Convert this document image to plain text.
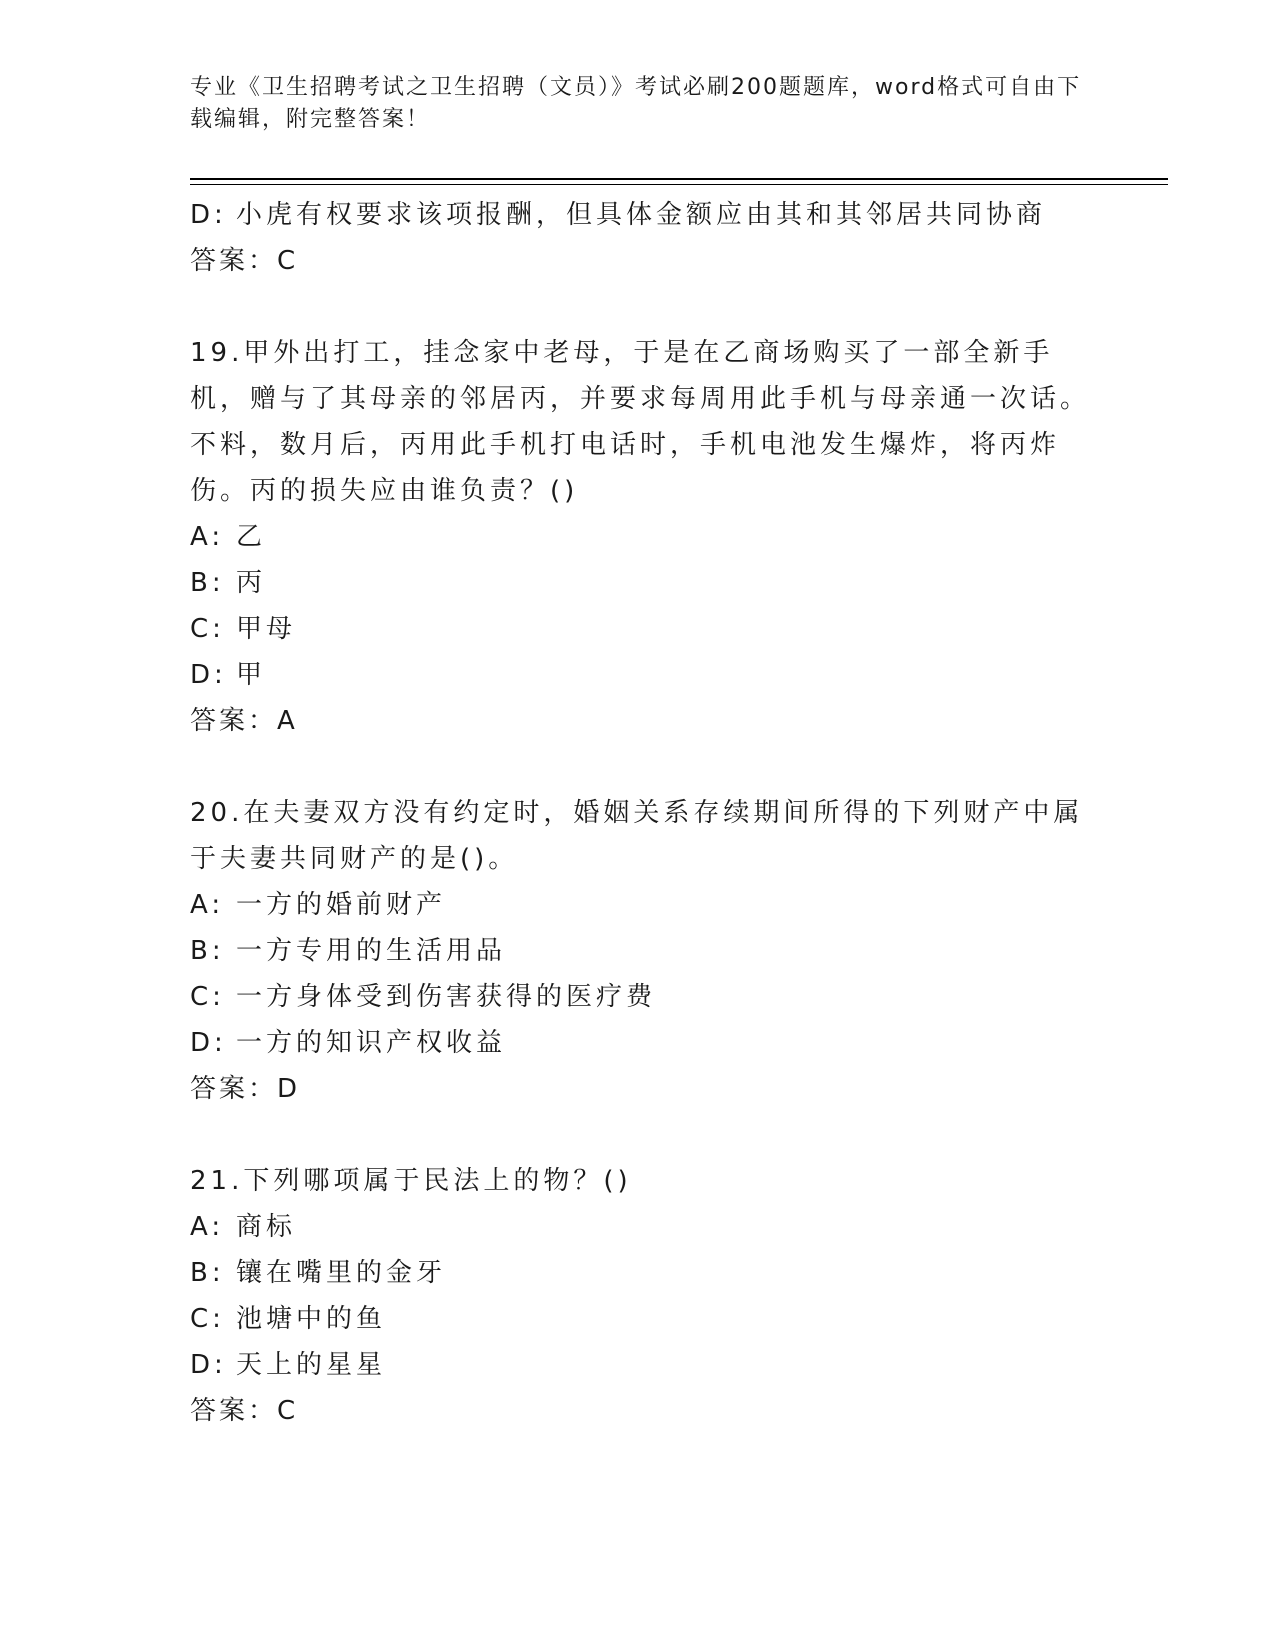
专业《卫生招聘考试之卫生招聘（文员）》考试必刷200题题库，word格式可自由下载编辑，附完整答案！
D: 小虎有权要求该项报酬，但具体金额应由其和其邻居共同协商
答案：C
19.甲外出打工，挂念家中老母，于是在乙商场购买了一部全新手机，赠与了其母亲的邻居丙，并要求每周用此手机与母亲通一次话。不料，数月后，丙用此手机打电话时，手机电池发生爆炸，将丙炸伤。丙的损失应由谁负责？()
A: 乙
B: 丙
C: 甲母
D: 甲
答案：A
20.在夫妻双方没有约定时，婚姻关系存续期间所得的下列财产中属于夫妻共同财产的是()。
A: 一方的婚前财产
B: 一方专用的生活用品
C: 一方身体受到伤害获得的医疗费
D: 一方的知识产权收益
答案：D
21.下列哪项属于民法上的物？()
A: 商标
B: 镶在嘴里的金牙
C: 池塘中的鱼
D: 天上的星星
答案：C
